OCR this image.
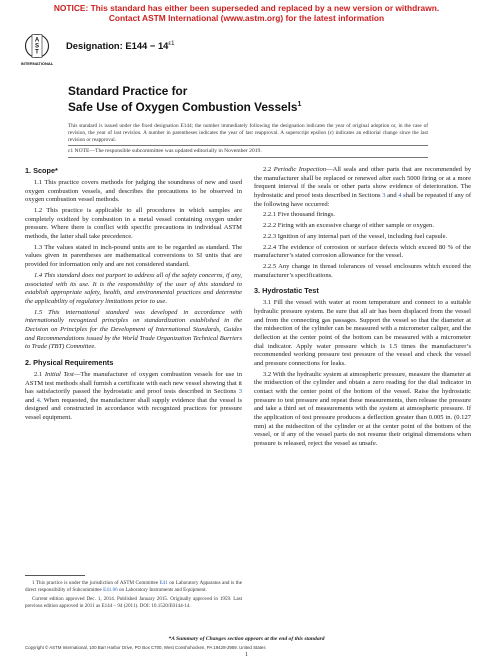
NOTICE: This standard has either been superseded and replaced by a new version or withdrawn.
Contact ASTM International (www.astm.org) for the latest information
A
S
T
INTERNATIONAL
Designation: $E144 - 14^{\varepsilon 1}$
Standard Practice for
Safe Use of Oxygen Combustion Vessels$^1$
This standard is issued under the fixed designation E144; the number immediately following the designation indicates the year of original adoption or, in the case of revision, the year of last revision. A number in parentheses indicates the year of last reapproval. A superscript epsilon (ε) indicates an editorial change since the last revision or reapproval.
ε1 NOTE—The responsible subcommittee was updated editorially in November 2019.
1. Scope*

1.1 This practice covers methods for judging the soundness of new and used oxygen combustion vessels, and describes the precautions to be observed in oxygen combustion vessel methods.

1.2 This practice is applicable to all procedures in which samples are completely oxidized by combustion in a metal vessel containing oxygen under pressure. Where there is conflict with specific precautions in individual ASTM methods, the latter shall take precedence.

1.3 The values stated in inch-pound units are to be regarded as standard. The values given in parentheses are mathematical conversions to SI units that are provided for information only and are not considered standard.

1.4 This standard does not purport to address all of the safety concerns, if any, associated with its use. It is the responsibility of the user of this standard to establish appropriate safety, health, and environmental practices and determine the applicability of regulatory limitations prior to use.

1.5 This international standard was developed in accordance with internationally recognized principles on standardization established in the Decision on Principles for the Development of International Standards, Guides and Recommendations issued by the World Trade Organization Technical Barriers to Trade (TBT) Committee.

2. Physical Requirements

2.1 Initial Test—The manufacturer of oxygen combustion vessels for use in ASTM test methods shall furnish a certificate with each new vessel showing that it has satisfactorily passed the hydrostatic and proof tests described in Sections 3 and 4. When requested, the manufacturer shall supply evidence that the vessel is designed and constructed in accordance with recognized practices for pressure vessel equipment.

2.2 Periodic Inspection—All seals and other parts that are recommended by the manufacturer shall be replaced or renewed after each 5000 firing or at a more frequent interval if the seals or other parts show evidence of deterioration. The hydrostatic and proof tests described in Sections 3 and 4 shall be repeated if any of the following have occurred:

2.2.1 Five thousand firings.

2.2.2 Firing with an excessive charge of either sample or oxygen.

2.2.3 Ignition of any internal part of the vessel, including fuel capsule.

2.2.4 The evidence of corrosion or surface defects which exceed 80 % of the manufacturer’s stated corrosion allowance for the vessel.

2.2.5 Any change in thread tolerances of vessel enclosures which exceed the manufacturer’s specifications.

3. Hydrostatic Test

3.1 Fill the vessel with water at room temperature and connect to a suitable hydraulic pressure system. Be sure that all air has been displaced from the vessel and from the connecting gas passages. Support the vessel so that the diameter at the midsection of the cylinder can be measured with a micrometer caliper, and the deflection at the center point of the bottom can be measured with a micrometer dial indicator. Apply water pressure which is 1.5 times the manufacturer’s recommended working pressure test pressure of the vessel and check the vessel and pressure connections for leaks.

3.2 With the hydraulic system at atmospheric pressure, measure the diameter at the midsection of the cylinder and obtain a zero reading for the dial indicator in contact with the center point of the bottom of the vessel. Raise the hydrostatic pressure to test pressure and repeat these measurements, then release the pressure and take a third set of measurements with the system at atmospheric pressure. If the application of test pressure produces a deflection greater than 0.005 in. (0.127 mm) at the midsection of the cylinder or at the center point of the bottom of the vessel, or if any of the vessel parts do not resume their original dimensions when pressure is released, reject the vessel as unsafe.

1 This practice is under the jurisdiction of ASTM Committee E41 on Laboratory Apparatus and is the direct responsibility of Subcommittee E41.06 on Laboratory Instruments and Equipment.

Current edition approved Dec. 1, 2014. Published January 2015. Originally approved in 1959. Last previous edition approved in 2011 as E144 – 94 (2011). DOI: 10.1520/E0144-14.

*A Summary of Changes section appears at the end of this standard
Copyright © ASTM International, 100 Barr Harbor Drive, PO Box C700, West Conshohocken, PA 19428-2959. United States
1
